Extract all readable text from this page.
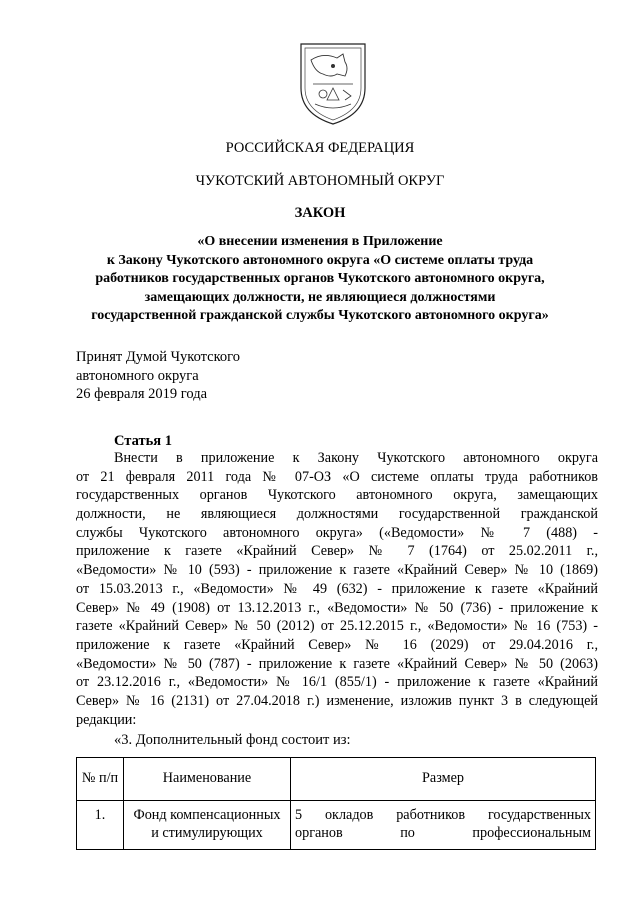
РОССИЙСКАЯ ФЕДЕРАЦИЯ
ЧУКОТСКИЙ АВТОНОМНЫЙ ОКРУГ
ЗАКОН
«О внесении изменения в Приложение
к Закону Чукотского автономного округа «О системе оплаты труда
работников государственных органов Чукотского автономного округа,
замещающих должности, не являющиеся должностями
государственной гражданской службы Чукотского автономного округа»
Принят Думой Чукотского
автономного округа
26 февраля 2019 года
Статья 1
Внести в приложение к Закону Чукотского автономного округа
от 21 февраля 2011 года № 07-ОЗ «О системе оплаты труда работников
государственных органов Чукотского автономного округа, замещающих
должности, не являющиеся должностями государственной гражданской
службы Чукотского автономного округа» («Ведомости» № 7 (488) -
приложение к газете «Крайний Север» № 7 (1764) от 25.02.2011 г.,
«Ведомости» № 10 (593) - приложение к газете «Крайний Север» № 10 (1869)
от 15.03.2013 г., «Ведомости» № 49 (632) - приложение к газете «Крайний
Север» № 49 (1908) от 13.12.2013 г., «Ведомости» № 50 (736) - приложение к
газете «Крайний Север» № 50 (2012) от 25.12.2015 г., «Ведомости» № 16 (753) -
приложение к газете «Крайний Север» № 16 (2029) от 29.04.2016 г.,
«Ведомости» № 50 (787) - приложение к газете «Крайний Север» № 50 (2063)
от 23.12.2016 г., «Ведомости» № 16/1 (855/1) - приложение к газете «Крайний
Север» № 16 (2131) от 27.04.2018 г.) изменение, изложив пункт 3 в следующей
редакции:
«3. Дополнительный фонд состоит из:
№ п/п	Наименование	Размер
1.	Фонд компенсационных и стимулирующих	5 окладов работников государственных
органов по профессиональным
